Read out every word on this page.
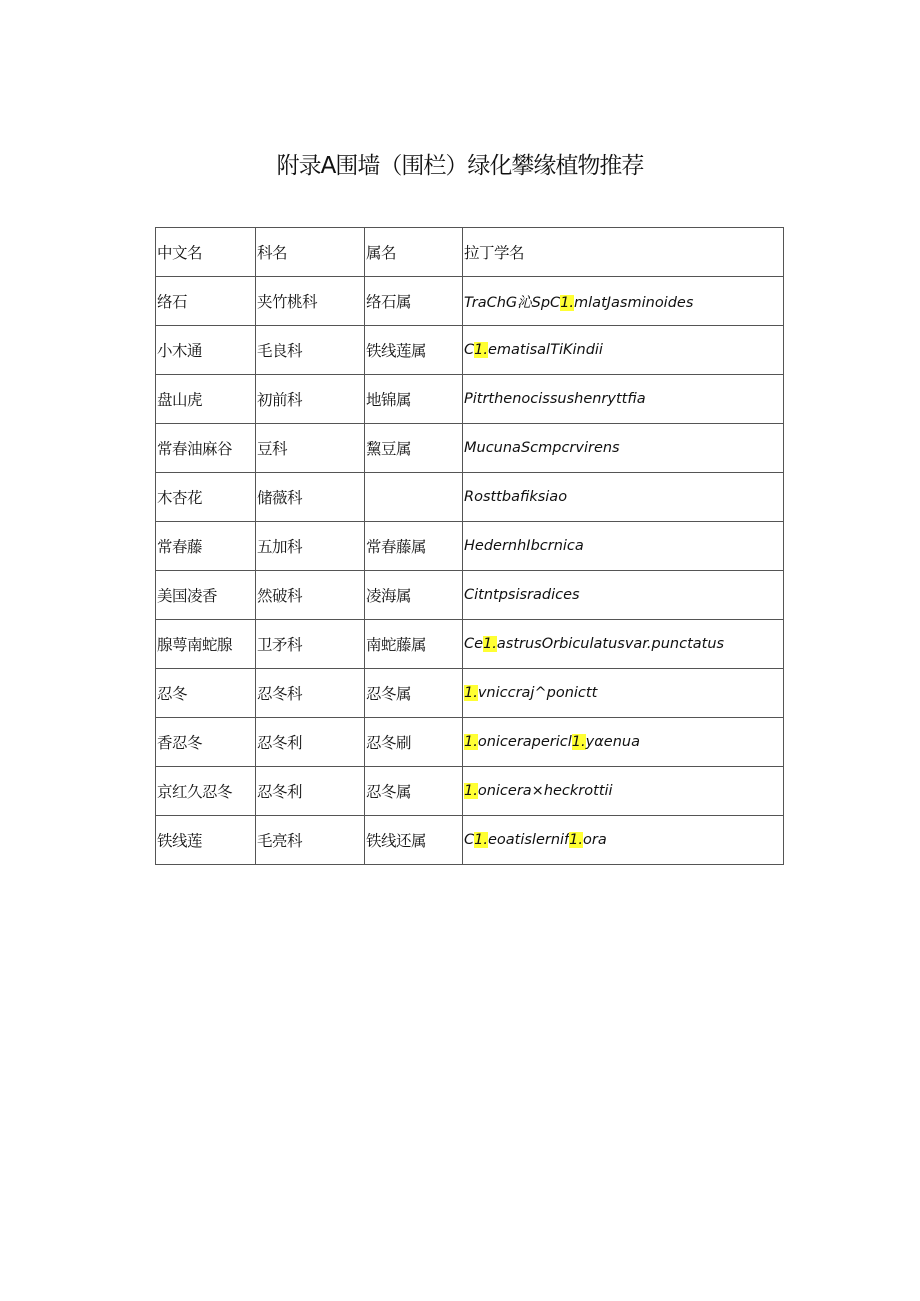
附录A围墙（围栏）绿化攀缘植物推荐
中文名	科名	属名	拉丁学名
络石	夹竹桃科	络石属	TraChG沁SpC1.mlatJasminoides
小木通	毛良科	铁线莲属	C1.ematisalTiKindii
盘山虎	初前科	地锦属	Pitrthenocissushenryttfia
常春油麻谷	豆科	黧豆属	MucunaScmpcrvirens
木杏花	储薇科		Rosttbafiksiao
常春藤	五加科	常春藤属	HedernhIbcrnica
美国凌香	然破科	凌海属	Citntpsisradices
腺萼南蛇腺	卫矛科	南蛇藤属	Ce1.astrusOrbiculatusvar.punctatus
忍冬	忍冬科	忍冬属	1.vniccraj^ponictt
香忍冬	忍冬利	忍冬刷	1.onicerapericl1.yαenua
京红久忍冬	忍冬利	忍冬属	1.onicera×heckrottii
铁线莲	毛亮科	铁线还属	C1.eoatislernif1.ora
